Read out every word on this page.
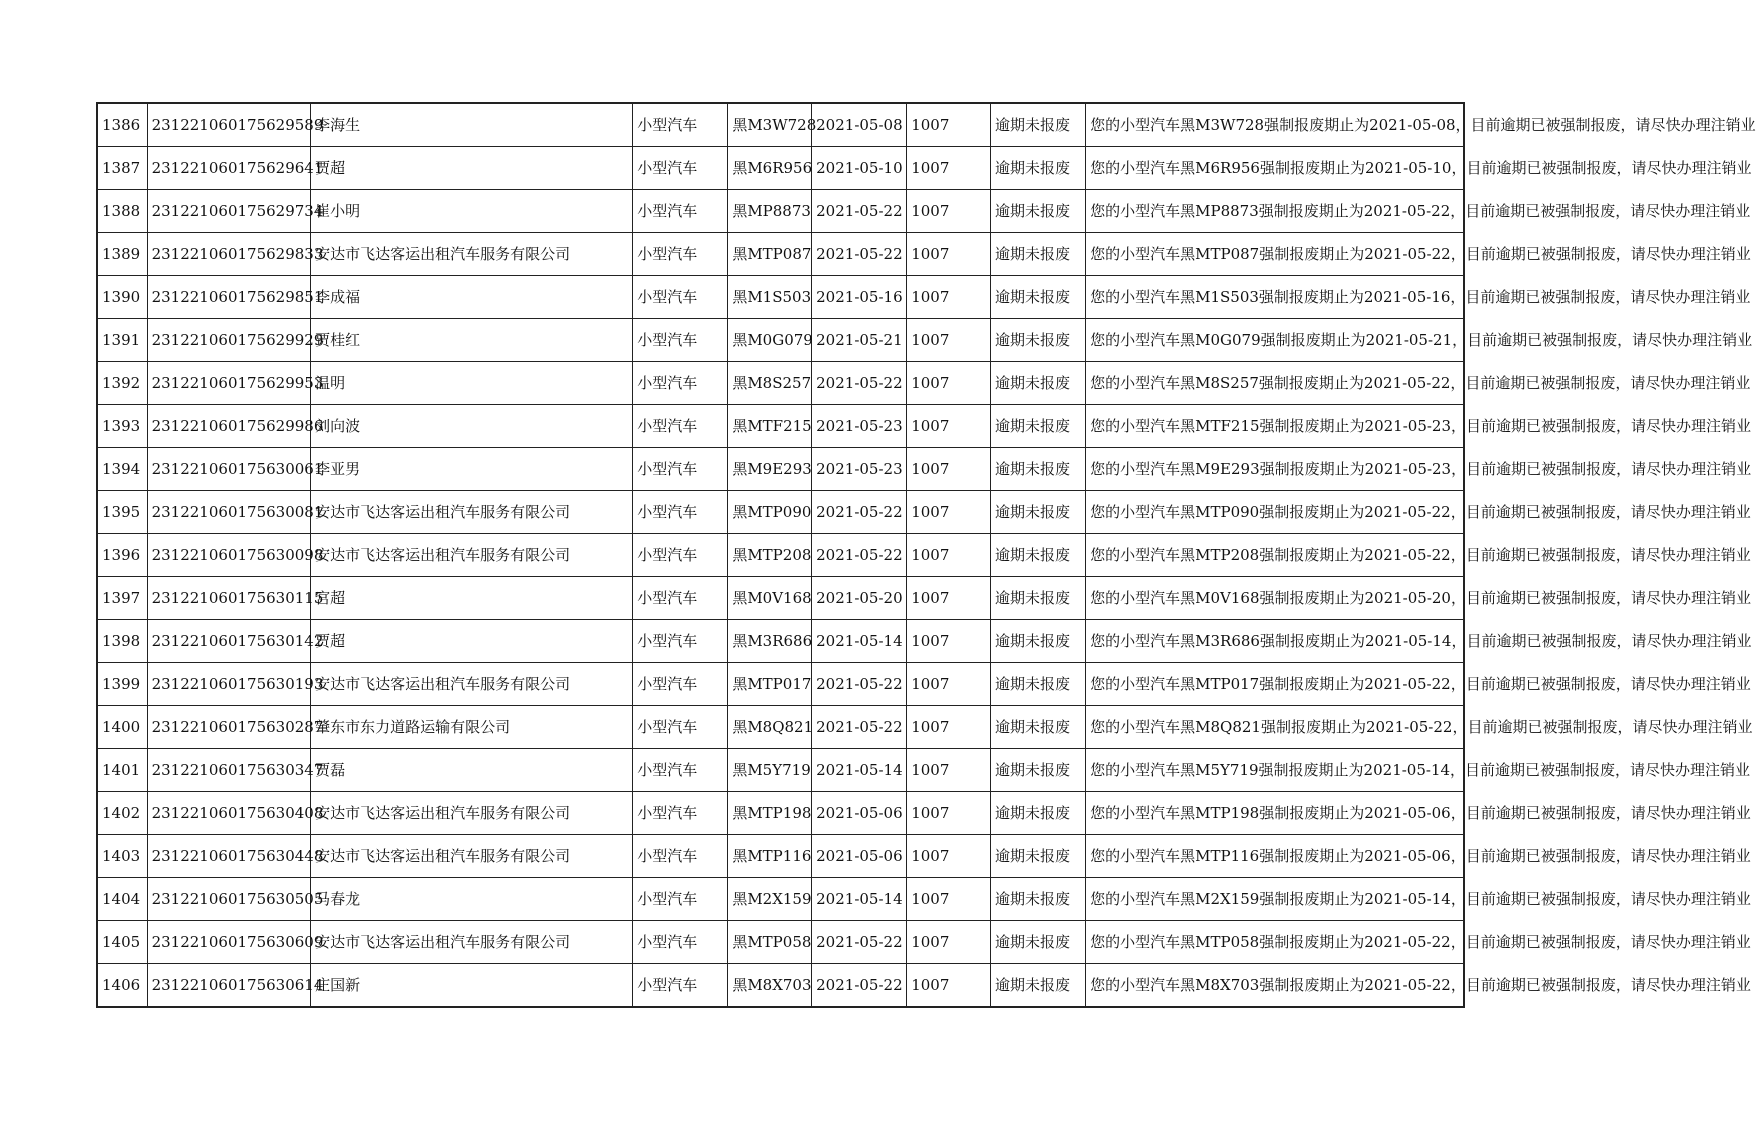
1386	231221060175629589	李海生	小型汽车	黑M3W728	2021-05-08	1007	逾期未报废	您的小型汽车黑M3W728强制报废期止为2021-05-08，目前逾期已被强制报废，请尽快办理注销业
1387	231221060175629641	贾超	小型汽车	黑M6R956	2021-05-10	1007	逾期未报废	您的小型汽车黑M6R956强制报废期止为2021-05-10，目前逾期已被强制报废，请尽快办理注销业
1388	231221060175629734	崔小明	小型汽车	黑MP8873	2021-05-22	1007	逾期未报废	您的小型汽车黑MP8873强制报废期止为2021-05-22，目前逾期已被强制报废，请尽快办理注销业
1389	231221060175629833	安达市飞达客运出租汽车服务有限公司	小型汽车	黑MTP087	2021-05-22	1007	逾期未报废	您的小型汽车黑MTP087强制报废期止为2021-05-22，目前逾期已被强制报废，请尽快办理注销业
1390	231221060175629851	李成福	小型汽车	黑M1S503	2021-05-16	1007	逾期未报废	您的小型汽车黑M1S503强制报废期止为2021-05-16，目前逾期已被强制报废，请尽快办理注销业
1391	231221060175629929	贾桂红	小型汽车	黑M0G079	2021-05-21	1007	逾期未报废	您的小型汽车黑M0G079强制报废期止为2021-05-21，目前逾期已被强制报废，请尽快办理注销业
1392	231221060175629953	温明	小型汽车	黑M8S257	2021-05-22	1007	逾期未报废	您的小型汽车黑M8S257强制报废期止为2021-05-22，目前逾期已被强制报废，请尽快办理注销业
1393	231221060175629986	刘向波	小型汽车	黑MTF215	2021-05-23	1007	逾期未报废	您的小型汽车黑MTF215强制报废期止为2021-05-23，目前逾期已被强制报废，请尽快办理注销业
1394	231221060175630061	李亚男	小型汽车	黑M9E293	2021-05-23	1007	逾期未报废	您的小型汽车黑M9E293强制报废期止为2021-05-23，目前逾期已被强制报废，请尽快办理注销业
1395	231221060175630081	安达市飞达客运出租汽车服务有限公司	小型汽车	黑MTP090	2021-05-22	1007	逾期未报废	您的小型汽车黑MTP090强制报废期止为2021-05-22，目前逾期已被强制报废，请尽快办理注销业
1396	231221060175630098	安达市飞达客运出租汽车服务有限公司	小型汽车	黑MTP208	2021-05-22	1007	逾期未报废	您的小型汽车黑MTP208强制报废期止为2021-05-22，目前逾期已被强制报废，请尽快办理注销业
1397	231221060175630115	宫超	小型汽车	黑M0V168	2021-05-20	1007	逾期未报废	您的小型汽车黑M0V168强制报废期止为2021-05-20，目前逾期已被强制报废，请尽快办理注销业
1398	231221060175630142	贾超	小型汽车	黑M3R686	2021-05-14	1007	逾期未报废	您的小型汽车黑M3R686强制报废期止为2021-05-14，目前逾期已被强制报废，请尽快办理注销业
1399	231221060175630193	安达市飞达客运出租汽车服务有限公司	小型汽车	黑MTP017	2021-05-22	1007	逾期未报废	您的小型汽车黑MTP017强制报废期止为2021-05-22，目前逾期已被强制报废，请尽快办理注销业
1400	231221060175630287	肇东市东力道路运输有限公司	小型汽车	黑M8Q821	2021-05-22	1007	逾期未报废	您的小型汽车黑M8Q821强制报废期止为2021-05-22，目前逾期已被强制报废，请尽快办理注销业
1401	231221060175630347	贾磊	小型汽车	黑M5Y719	2021-05-14	1007	逾期未报废	您的小型汽车黑M5Y719强制报废期止为2021-05-14，目前逾期已被强制报废，请尽快办理注销业
1402	231221060175630408	安达市飞达客运出租汽车服务有限公司	小型汽车	黑MTP198	2021-05-06	1007	逾期未报废	您的小型汽车黑MTP198强制报废期止为2021-05-06，目前逾期已被强制报废，请尽快办理注销业
1403	231221060175630448	安达市飞达客运出租汽车服务有限公司	小型汽车	黑MTP116	2021-05-06	1007	逾期未报废	您的小型汽车黑MTP116强制报废期止为2021-05-06，目前逾期已被强制报废，请尽快办理注销业
1404	231221060175630505	马春龙	小型汽车	黑M2X159	2021-05-14	1007	逾期未报废	您的小型汽车黑M2X159强制报废期止为2021-05-14，目前逾期已被强制报废，请尽快办理注销业
1405	231221060175630609	安达市飞达客运出租汽车服务有限公司	小型汽车	黑MTP058	2021-05-22	1007	逾期未报废	您的小型汽车黑MTP058强制报废期止为2021-05-22，目前逾期已被强制报废，请尽快办理注销业
1406	231221060175630614	庄国新	小型汽车	黑M8X703	2021-05-22	1007	逾期未报废	您的小型汽车黑M8X703强制报废期止为2021-05-22，目前逾期已被强制报废，请尽快办理注销业
